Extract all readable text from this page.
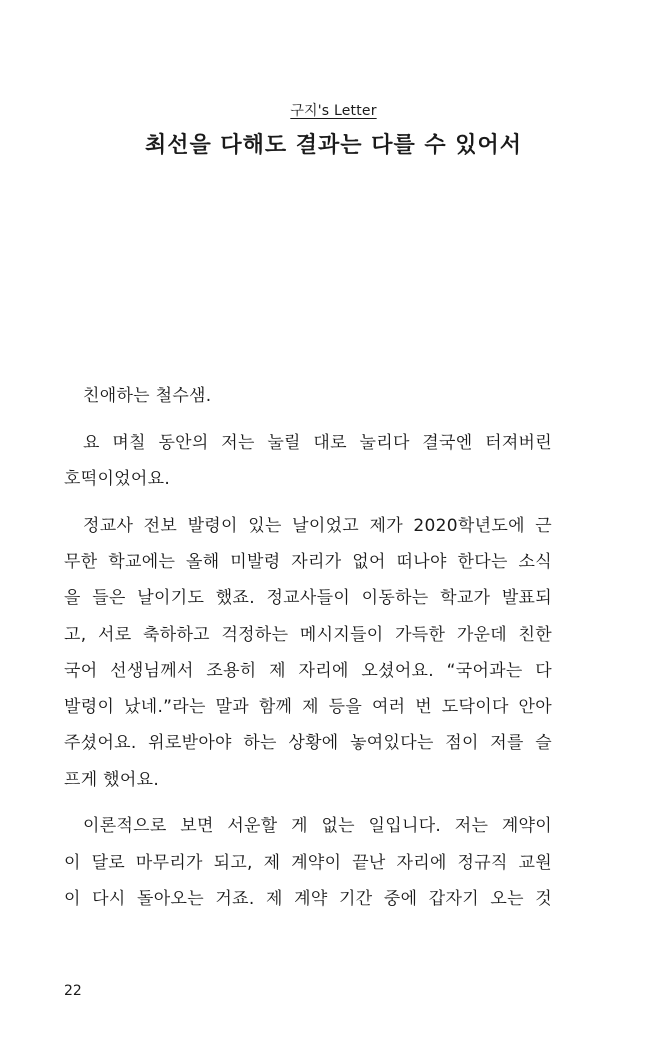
구지's Letter
최선을 다해도 결과는 다를 수 있어서
친애하는 철수샘.
요 며칠 동안의 저는 눌릴 대로 눌리다 결국엔 터져버린
호떡이었어요.
정교사 전보 발령이 있는 날이었고 제가 2020학년도에 근
무한 학교에는 올해 미발령 자리가 없어 떠나야 한다는 소식
을 들은 날이기도 했죠. 정교사들이 이동하는 학교가 발표되
고, 서로 축하하고 걱정하는 메시지들이 가득한 가운데 친한
국어 선생님께서 조용히 제 자리에 오셨어요. “국어과는 다
발령이 났네.”라는 말과 함께 제 등을 여러 번 도닥이다 안아
주셨어요. 위로받아야 하는 상황에 놓여있다는 점이 저를 슬
프게 했어요.
이론적으로 보면 서운할 게 없는 일입니다. 저는 계약이
이 달로 마무리가 되고, 제 계약이 끝난 자리에 정규직 교원
이 다시 돌아오는 거죠. 제 계약 기간 중에 갑자기 오는 것
22
